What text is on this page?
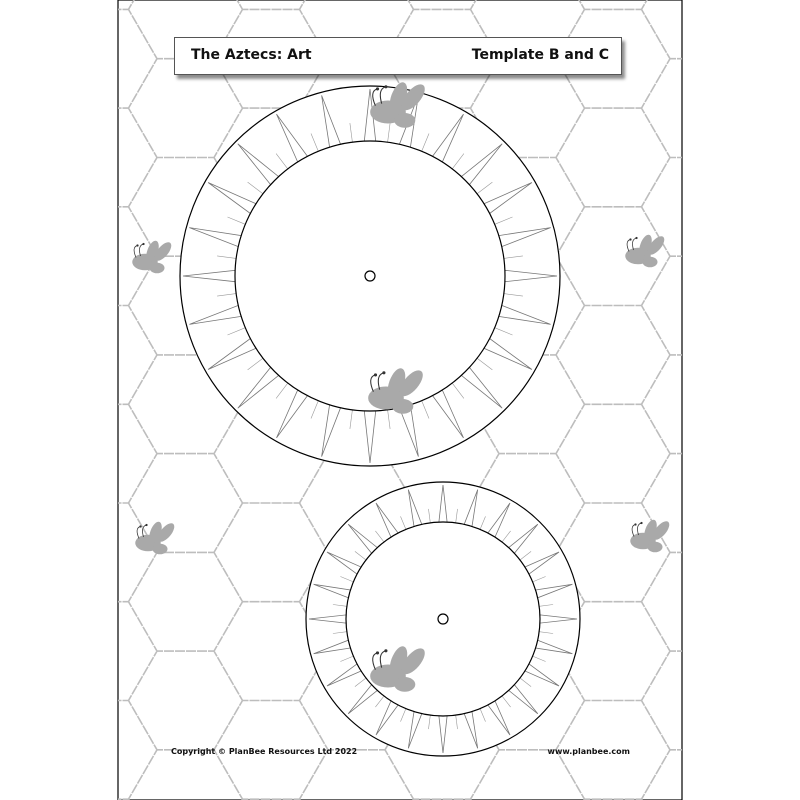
The Aztecs: Art	Template B and C
Copyright © PlanBee Resources Ltd 2022	www.planbee.com
